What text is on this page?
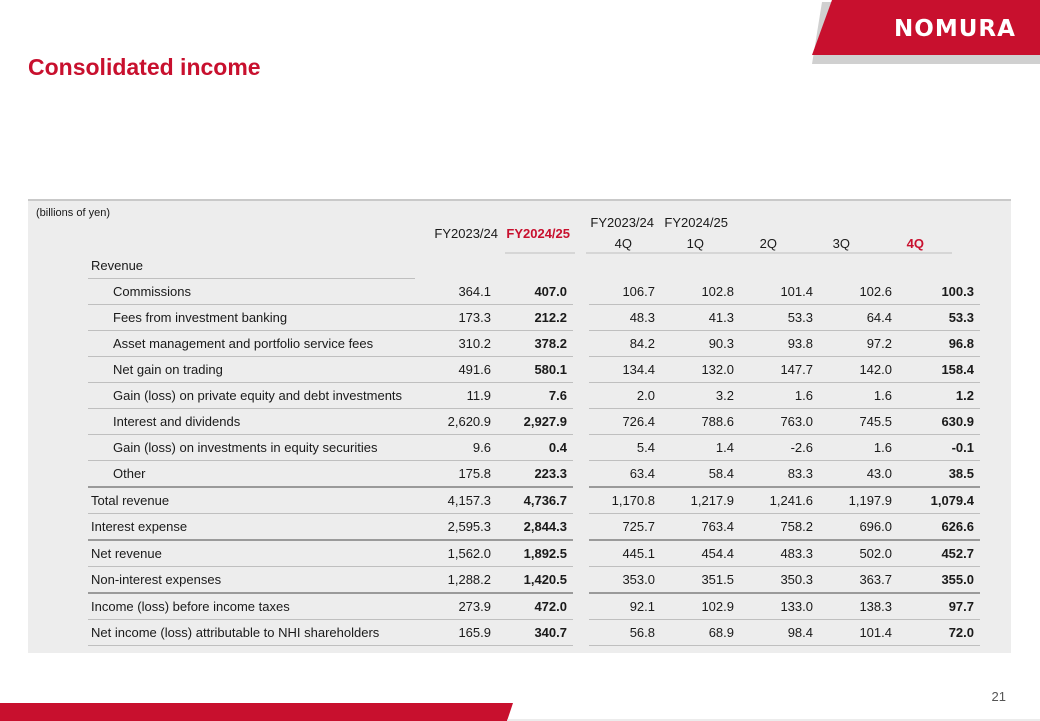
NOMURA
Consolidated income
(billions of yen)
FY2023/24 FY2024/25
FY2023/24 FY2024/25
4Q	1Q	2Q	3Q	4Q
Revenue								
Commissions	364.1	407.0		106.7	102.8	101.4	102.6	100.3
Fees from investment banking	173.3	212.2		48.3	41.3	53.3	64.4	53.3
Asset management and portfolio service fees	310.2	378.2		84.2	90.3	93.8	97.2	96.8
Net gain on trading	491.6	580.1		134.4	132.0	147.7	142.0	158.4
Gain (loss) on private equity and debt investments	11.9	7.6		2.0	3.2	1.6	1.6	1.2
Interest and dividends	2,620.9	2,927.9		726.4	788.6	763.0	745.5	630.9
Gain (loss) on investments in equity securities	9.6	0.4		5.4	1.4	-2.6	1.6	-0.1
Other	175.8	223.3		63.4	58.4	83.3	43.0	38.5
Total revenue	4,157.3	4,736.7		1,170.8	1,217.9	1,241.6	1,197.9	1,079.4
Interest expense	2,595.3	2,844.3		725.7	763.4	758.2	696.0	626.6
Net revenue	1,562.0	1,892.5		445.1	454.4	483.3	502.0	452.7
Non-interest expenses	1,288.2	1,420.5		353.0	351.5	350.3	363.7	355.0
Income (loss) before income taxes	273.9	472.0		92.1	102.9	133.0	138.3	97.7
Net income (loss) attributable to NHI shareholders	165.9	340.7		56.8	68.9	98.4	101.4	72.0
21
